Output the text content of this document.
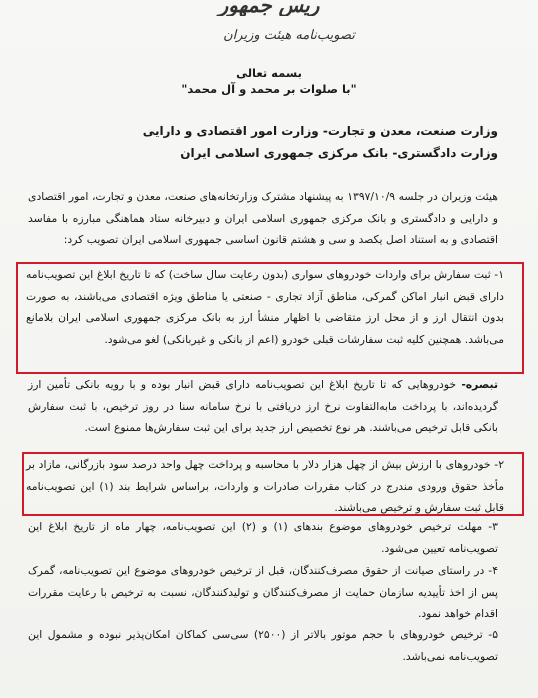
ریس جمهور
تصویب‌نامه هیئت وزیران
بسمه تعالی
"با صلوات بر محمد و آل محمد"
وزارت صنعت، معدن و تجارت- وزارت امور اقتصادی و دارایی
وزارت دادگستری- بانک مرکزی جمهوری اسلامی ایران
هیئت وزیران در جلسه ۱۳۹۷/۱۰/۹ به پیشنهاد مشترک وزارتخانه‌های صنعت، معدن و تجارت، امور اقتصادی و دارایی و دادگستری و بانک مرکزی جمهوری اسلامی ایران و دبیرخانه ستاد هماهنگی مبارزه با مفاسد اقتصادی و به استناد اصل یکصد و سی و هشتم قانون اساسی جمهوری اسلامی ایران تصویب کرد:
۱- ثبت سفارش برای واردات خودروهای سواری (بدون رعایت سال ساخت) که تا تاریخ ابلاغ این تصویب‌نامه دارای قبض انبار اماکن گمرکی، مناطق آزاد تجاری - صنعتی یا مناطق ویژه اقتصادی می‌باشند، به صورت بدون انتقال ارز و از محل ارز متقاضی با اظهار منشأ ارز به بانک مرکزی جمهوری اسلامی ایران بلامانع می‌باشد. همچنین کلیه ثبت سفارشات قبلی خودرو (اعم از بانکی و غیربانکی) لغو می‌شود.
تبصره- خودروهایی که تا تاریخ ابلاغ این تصویب‌نامه دارای قبض انبار بوده و با رویه بانکی تأمین ارز گردیده‌اند، با پرداخت مابه‌التفاوت نرخ ارز دریافتی با نرخ سامانه سنا در روز ترخیص، با ثبت سفارش بانکی قابل ترخیص می‌باشند. هر نوع تخصیص ارز جدید برای این ثبت سفارش‌ها ممنوع است.
۲- خودروهای با ارزش بیش از چهل هزار دلار با محاسبه و پرداخت چهل واحد درصد سود بازرگانی، مازاد بر مأخذ حقوق ورودی مندرج در کتاب مقررات صادرات و واردات، براساس شرایط بند (۱) این تصویب‌نامه قابل ثبت سفارش و ترخیص می‌باشند.
۳- مهلت ترخیص خودروهای موضوع بندهای (۱) و (۲) این تصویب‌نامه، چهار ماه از تاریخ ابلاغ این تصویب‌نامه تعیین می‌شود.
۴- در راستای صیانت از حقوق مصرف‌کنندگان، قبل از ترخیص خودروهای موضوع این تصویب‌نامه، گمرک پس از اخذ تأییدیه سازمان حمایت از مصرف‌کنندگان و تولیدکنندگان، نسبت به ترخیص با رعایت مقررات اقدام خواهد نمود.
۵- ترخیص خودروهای با حجم موتور بالاتر از (۲۵۰۰) سی‌سی کماکان امکان‌پذیر نبوده و مشمول این تصویب‌نامه نمی‌باشد.
